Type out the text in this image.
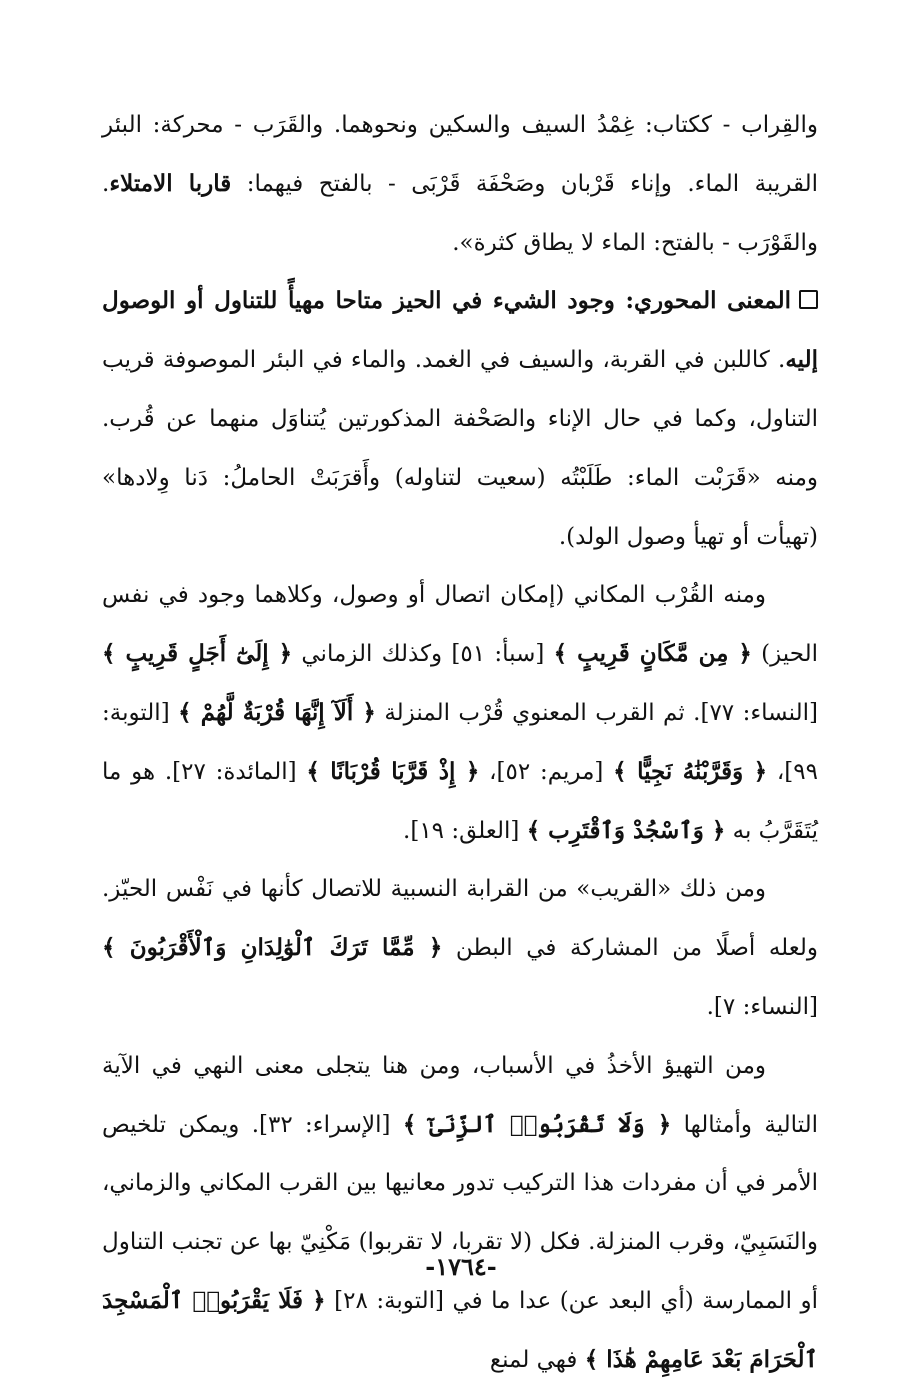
والقِراب - ككتاب: غِمْدُ السيف والسكين ونحوهما. والقَرَب - محركة: البئر القريبة الماء. وإناء قَرْبان وصَحْفَة قَرْبَى - بالفتح فيهما: قاربا الامتلاء. والقَوْرَب - بالفتح: الماء لا يطاق كثرة».

المعنى المحوري: وجود الشيء في الحيز متاحا مهيأً للتناول أو الوصول إليه. كاللبن في القربة، والسيف في الغمد. والماء في البئر الموصوفة قريب التناول، وكما في حال الإناء والصَحْفة المذكورتين يُتناوَل منهما عن قُرب. ومنه «قَرَبْت الماء: طَلَبْتُه (سعيت لتناوله) وأَقرَبَتْ الحاملُ: دَنا وِلادها» (تهيأت أو تهيأ وصول الولد).

ومنه القُرْب المكاني (إمكان اتصال أو وصول، وكلاهما وجود في نفس الحيز) ﴿ مِن مَّكَانٍ قَرِيبٍ ﴾ [سبأ: ٥١] وكذلك الزماني ﴿ إِلَىٰٓ أَجَلٍ قَرِيبٍ ﴾ [النساء: ٧٧]. ثم القرب المعنوي قُرْب المنزلة ﴿ أَلَآ إِنَّهَا قُرْبَةٌ لَّهُمْ ﴾ [التوبة: ٩٩]، ﴿ وَقَرَّبْنَٰهُ نَجِيًّا ﴾ [مريم: ٥٢]، ﴿ إِذْ قَرَّبَا قُرْبَانًا ﴾ [المائدة: ٢٧]. هو ما يُتَقَرَّبُ به ﴿ وَٱسْجُدْ وَٱقْتَرِب ﴾ [العلق: ١٩].

ومن ذلك «القريب» من القرابة النسبية للاتصال كأنها في نَفْس الحيّز. ولعله أصلًا من المشاركة في البطن ﴿ مِّمَّا تَرَكَ ٱلْوَٰلِدَانِ وَٱلْأَقْرَبُونَ ﴾ [النساء: ٧].

ومن التهيؤ الأخذُ في الأسباب، ومن هنا يتجلى معنى النهي في الآية التالية وأمثالها ﴿ وَلَا تَقْرَبُوا۟ ٱلزِّنَىٰٓ ﴾ [الإسراء: ٣٢]. ويمكن تلخيص الأمر في أن مفردات هذا التركيب تدور معانيها بين القرب المكاني والزماني، والنَسَبِيّ، وقرب المنزلة. فكل (لا تقربا، لا تقربوا) مَكْنِيّ بها عن تجنب التناول أو الممارسة (أي البعد عن) عدا ما في [التوبة: ٢٨] ﴿ فَلَا يَقْرَبُوا۟ ٱلْمَسْجِدَ ٱلْحَرَامَ بَعْدَ عَامِهِمْ هَٰذَا ﴾ فهي لمنع

-١٧٦٤-
